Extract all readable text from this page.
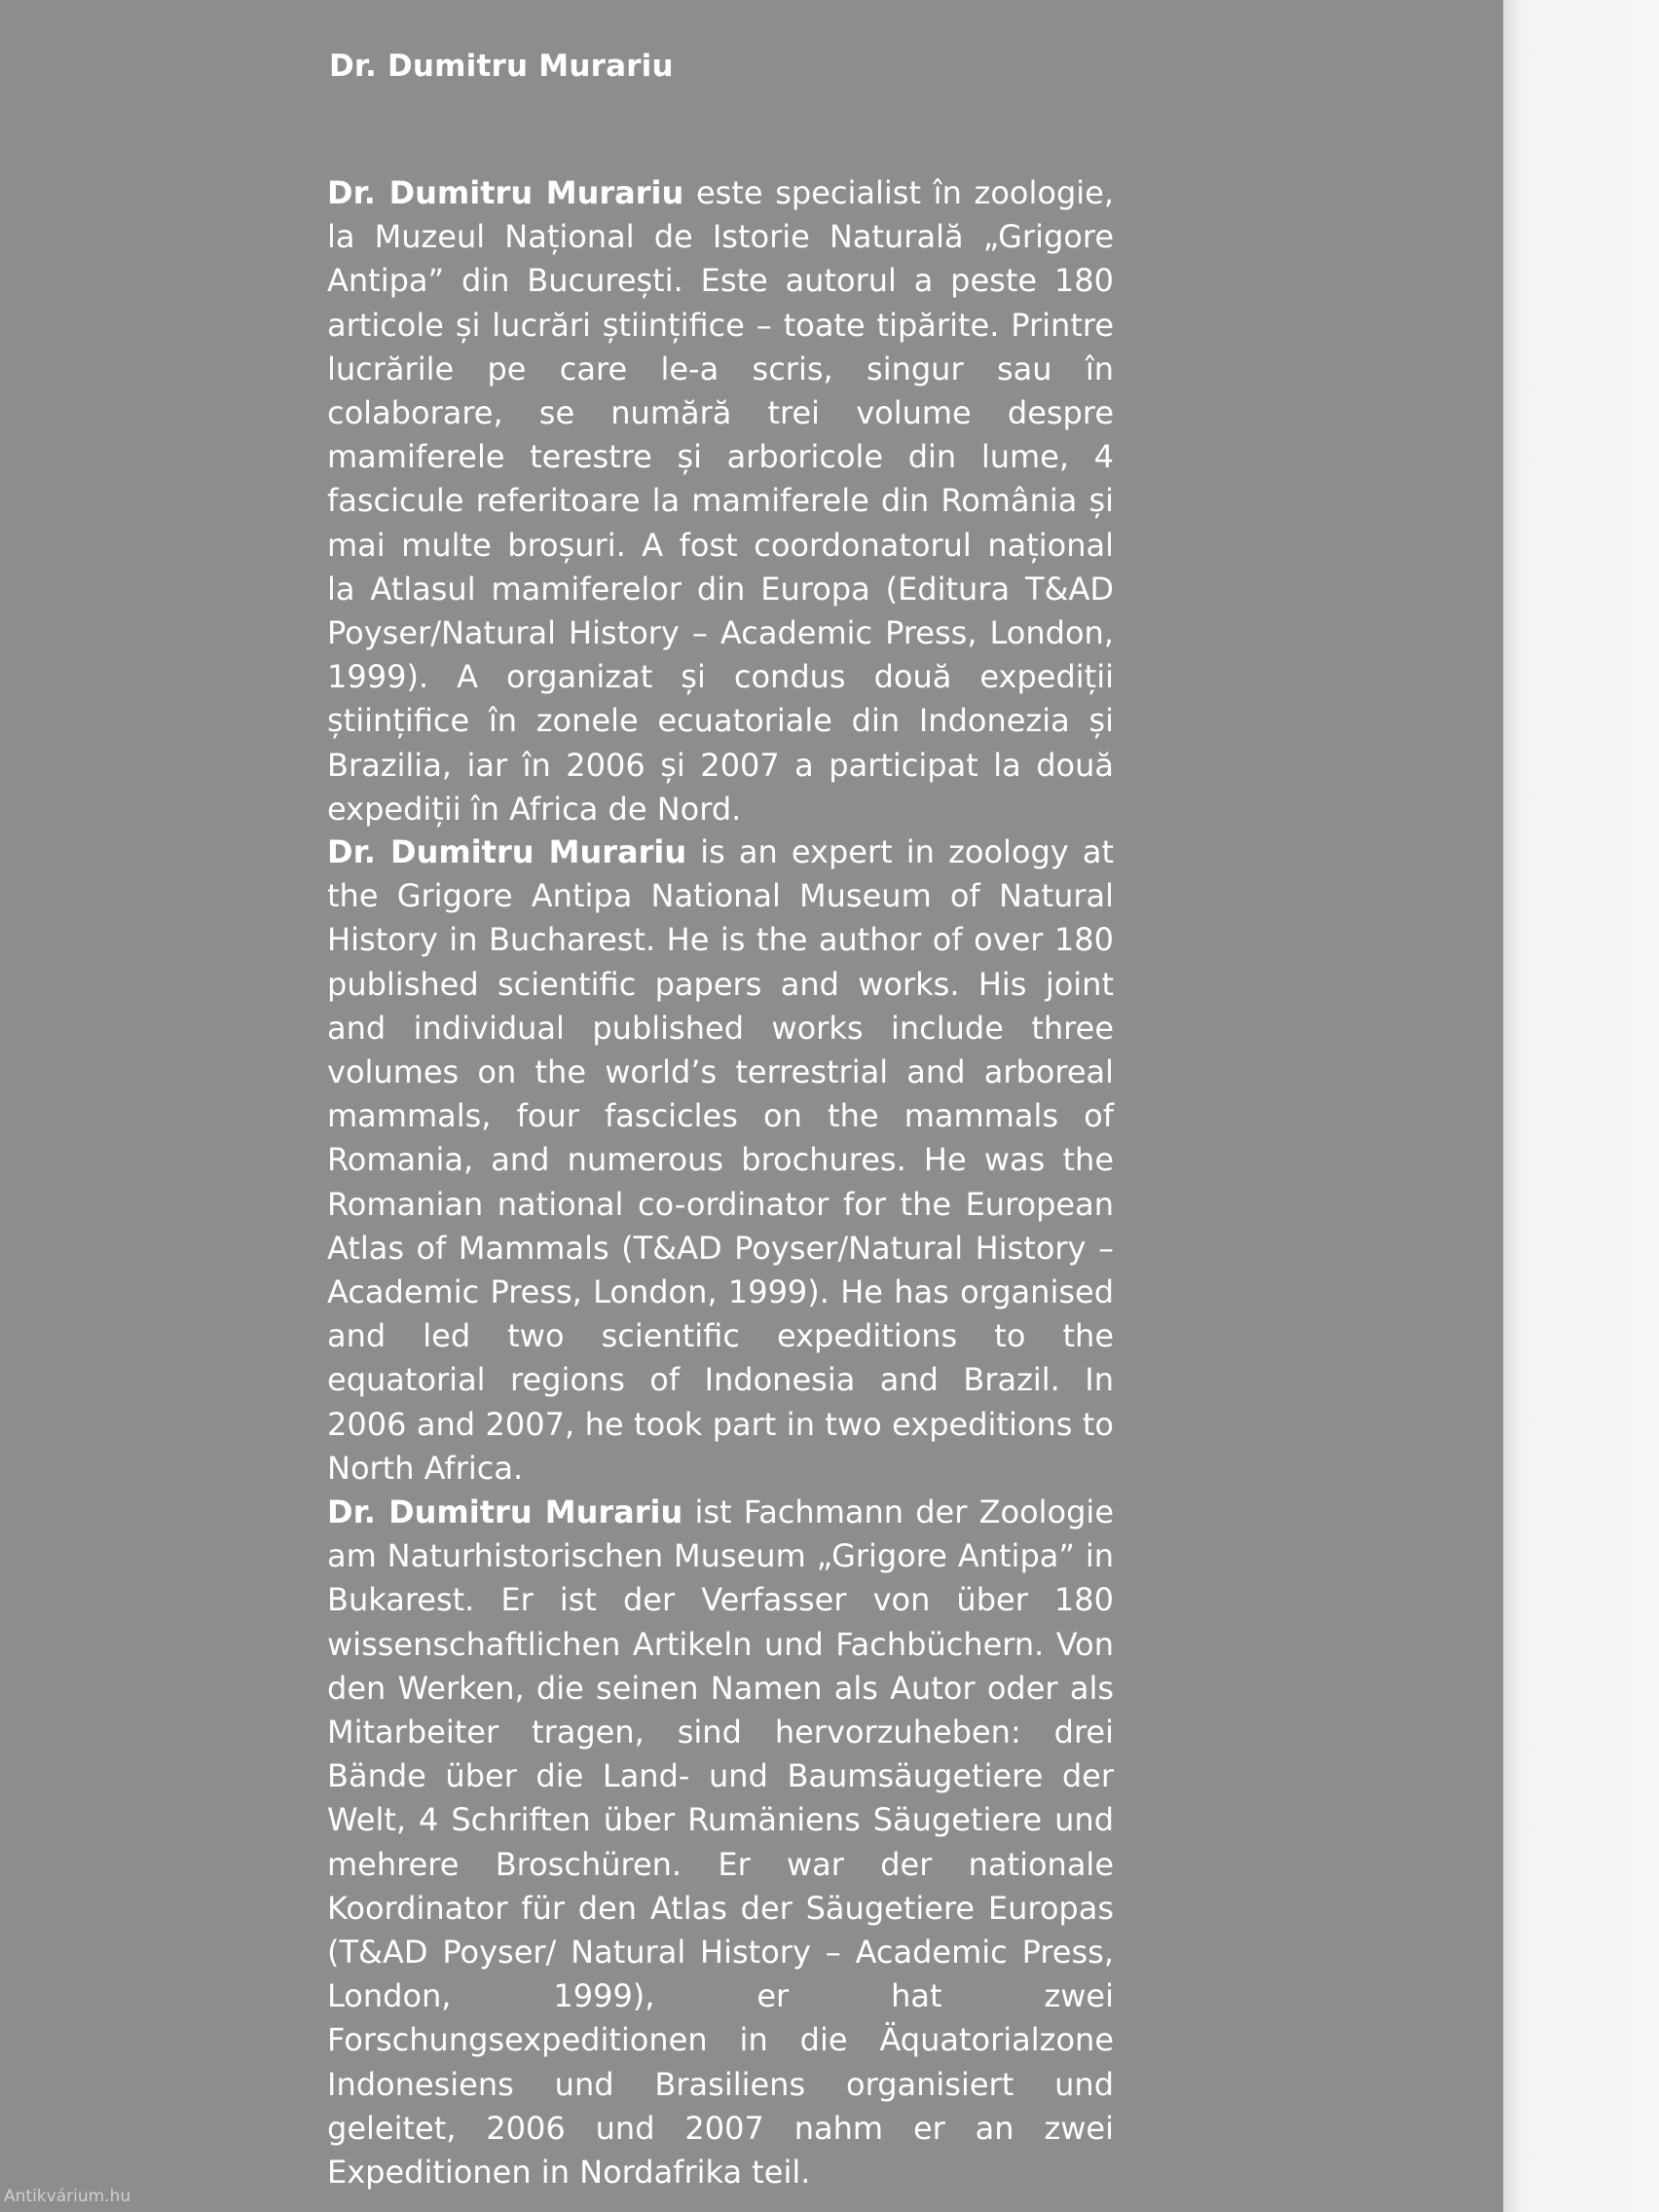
Dr. Dumitru Murariu

Dr. Dumitru Murariu este specialist în zoologie, la Muzeul Național de Istorie Naturală „Grigore Antipa” din București. Este autorul a peste 180 articole și lucrări științifice – toate tipărite. Printre lucrările pe care le-a scris, singur sau în colaborare, se numără trei volume despre mamiferele terestre și arboricole din lume, 4 fascicule referitoare la mamiferele din România și mai multe broșuri. A fost coordonatorul național la Atlasul mamiferelor din Europa (Editura T&AD Poyser/Natural History – Academic Press, London, 1999). A organizat și condus două expediții științifice în zonele ecuatoriale din Indonezia și Brazilia, iar în 2006 și 2007 a participat la două expediții în Africa de Nord.

Dr. Dumitru Murariu is an expert in zoology at the Grigore Antipa National Museum of Natural History in Bucharest. He is the author of over 180 published scientific papers and works. His joint and individual published works include three volumes on the world’s terrestrial and arboreal mammals, four fascicles on the mammals of Romania, and numerous brochures. He was the Romanian national co-ordinator for the European Atlas of Mammals (T&AD Poyser/Natural History – Academic Press, London, 1999). He has organised and led two scientific expeditions to the equatorial regions of Indonesia and Brazil. In 2006 and 2007, he took part in two expeditions to North Africa.

Dr. Dumitru Murariu ist Fachmann der Zoologie am Naturhistorischen Museum „Grigore Antipa” in Bukarest. Er ist der Verfasser von über 180 wissenschaftlichen Artikeln und Fachbüchern. Von den Werken, die seinen Namen als Autor oder als Mitarbeiter tragen, sind hervorzuheben: drei Bände über die Land- und Baumsäugetiere der Welt, 4 Schriften über Rumäniens Säugetiere und mehrere Broschüren. Er war der nationale Koordinator für den Atlas der Säugetiere Europas (T&AD Poyser/ Natural History – Academic Press, London, 1999), er hat zwei Forschungsexpeditionen in die Äquatorialzone Indonesiens und Brasiliens organisiert und geleitet, 2006 und 2007 nahm er an zwei Expeditionen in Nordafrika teil.

Antikvárium.hu
